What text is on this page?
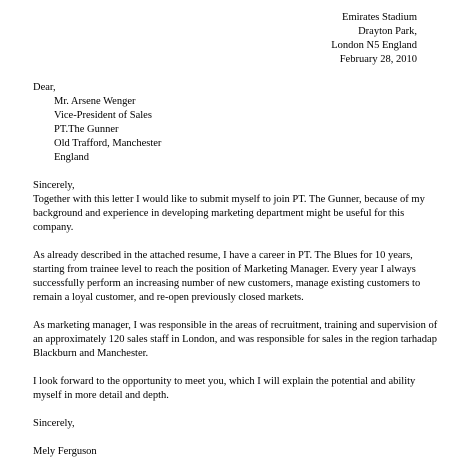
Emirates Stadium
Drayton Park,
London N5 England
February 28, 2010
Dear,
Mr. Arsene Wenger
Vice-President of Sales
PT.The Gunner
Old Trafford, Manchester
England
Sincerely,
Together with this letter I would like to submit myself to join PT. The Gunner, because of my
background and experience in developing marketing department might be useful for this
company.
As already described in the attached resume, I have a career in PT. The Blues for 10 years,
starting from trainee level to reach the position of Marketing Manager. Every year I always
successfully perform an increasing number of new customers, manage existing customers to
remain a loyal customer, and re-open previously closed markets.
As marketing manager, I was responsible in the areas of recruitment, training and supervision of
an approximately 120 sales staff in London, and was responsible for sales in the region tarhadap
Blackburn and Manchester.
I look forward to the opportunity to meet you, which I will explain the potential and ability
myself in more detail and depth.
Sincerely,
Mely Ferguson
